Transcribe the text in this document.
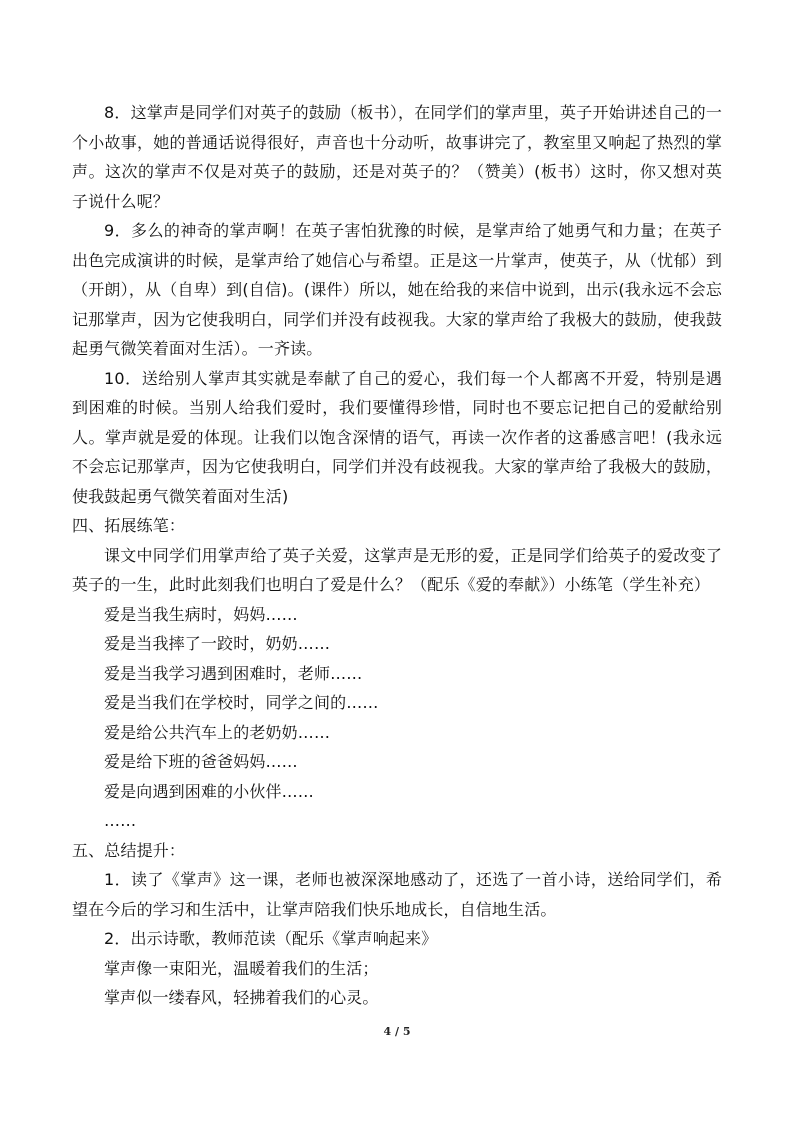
8．这掌声是同学们对英子的鼓励（板书），在同学们的掌声里，英子开始讲述自己的一个小故事，她的普通话说得很好，声音也十分动听，故事讲完了，教室里又响起了热烈的掌声。这次的掌声不仅是对英子的鼓励，还是对英子的？（赞美）(板书）这时，你又想对英子说什么呢？

9．多么的神奇的掌声啊！在英子害怕犹豫的时候，是掌声给了她勇气和力量；在英子出色完成演讲的时候，是掌声给了她信心与希望。正是这一片掌声，使英子，从（忧郁）到（开朗），从（自卑）到(自信)。(课件）所以，她在给我的来信中说到，出示(我永远不会忘记那掌声，因为它使我明白，同学们并没有歧视我。大家的掌声给了我极大的鼓励，使我鼓起勇气微笑着面对生活）。一齐读。

10．送给别人掌声其实就是奉献了自己的爱心，我们每一个人都离不开爱，特别是遇到困难的时候。当别人给我们爱时，我们要懂得珍惜，同时也不要忘记把自己的爱献给别人。掌声就是爱的体现。让我们以饱含深情的语气，再读一次作者的这番感言吧！(我永远不会忘记那掌声，因为它使我明白，同学们并没有歧视我。大家的掌声给了我极大的鼓励，使我鼓起勇气微笑着面对生活)

四、拓展练笔：

课文中同学们用掌声给了英子关爱，这掌声是无形的爱，正是同学们给英子的爱改变了英子的一生，此时此刻我们也明白了爱是什么？（配乐《爱的奉献》）小练笔（学生补充）

爱是当我生病时，妈妈……

爱是当我摔了一跤时，奶奶……

爱是当我学习遇到困难时，老师……

爱是当我们在学校时，同学之间的……

爱是给公共汽车上的老奶奶……

爱是给下班的爸爸妈妈……

爱是向遇到困难的小伙伴……

……

五、总结提升：

1．读了《掌声》这一课，老师也被深深地感动了，还选了一首小诗，送给同学们，希望在今后的学习和生活中，让掌声陪我们快乐地成长，自信地生活。

2．出示诗歌，教师范读（配乐《掌声响起来》

掌声像一束阳光，温暖着我们的生活；

掌声似一缕春风，轻拂着我们的心灵。

4 / 5
